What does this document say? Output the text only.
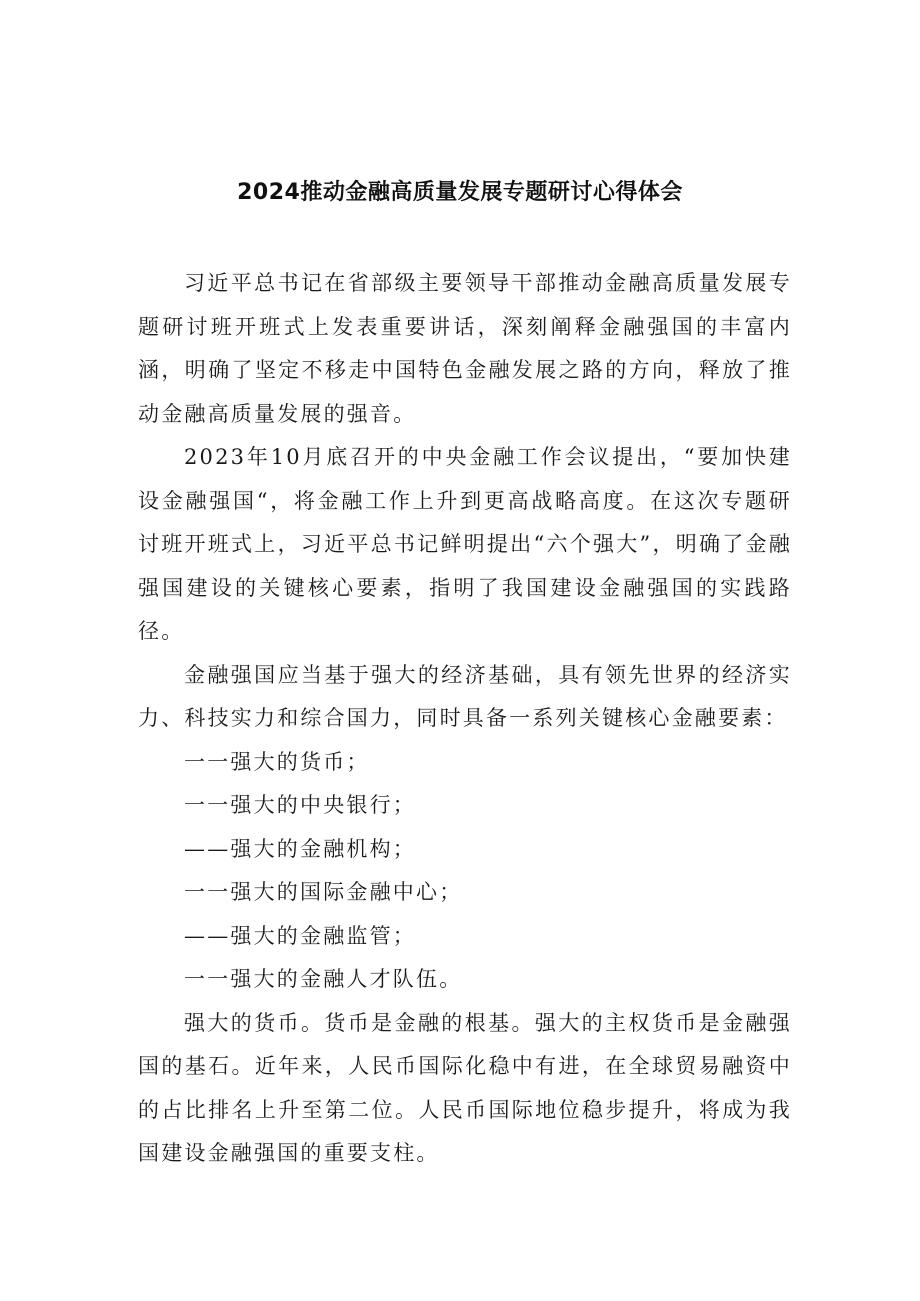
2024推动金融高质量发展专题研讨心得体会

习近平总书记在省部级主要领导干部推动金融高质量发展专题研讨班开班式上发表重要讲话，深刻阐释金融强国的丰富内涵，明确了坚定不移走中国特色金融发展之路的方向，释放了推动金融高质量发展的强音。

2023年10月底召开的中央金融工作会议提出，“要加快建设金融强国“，将金融工作上升到更高战略高度。在这次专题研讨班开班式上，习近平总书记鲜明提出“六个强大”，明确了金融强国建设的关键核心要素，指明了我国建设金融强国的实践路径。

金融强国应当基于强大的经济基础，具有领先世界的经济实力、科技实力和综合国力，同时具备一系列关键核心金融要素：

一一强大的货币；

一一强大的中央银行；

——强大的金融机构；

一一强大的国际金融中心；

——强大的金融监管；

一一强大的金融人才队伍。

强大的货币。货币是金融的根基。强大的主权货币是金融强国的基石。近年来，人民币国际化稳中有进，在全球贸易融资中的占比排名上升至第二位。人民币国际地位稳步提升，将成为我国建设金融强国的重要支柱。
